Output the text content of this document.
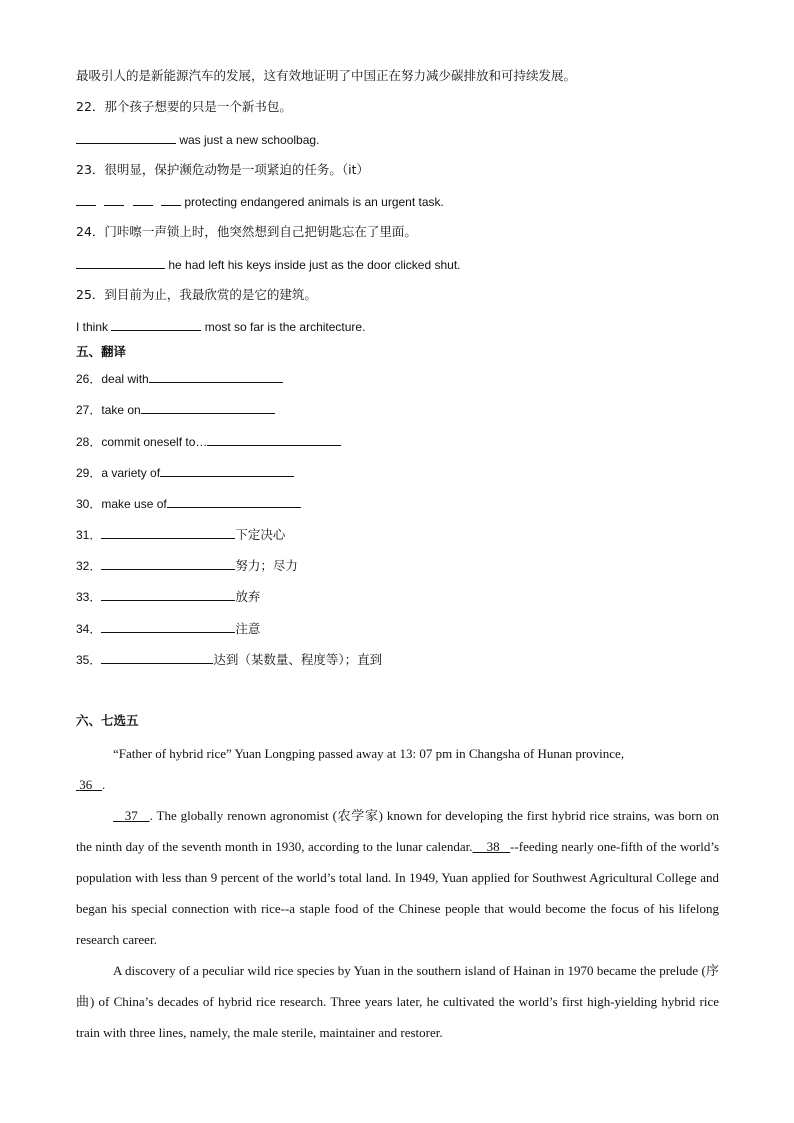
最吸引人的是新能源汽车的发展，这有效地证明了中国正在努力减少碳排放和可持续发展。
22．那个孩子想要的只是一个新书包。
was just a new schoolbag.
23．很明显，保护濒危动物是一项紧迫的任务。（it）
protecting endangered animals is an urgent task.
24．门咔嚓一声锁上时，他突然想到自己把钥匙忘在了里面。
he had left his keys inside just as the door clicked shut.
25．到目前为止，我最欣赏的是它的建筑。
I think	most so far is the architecture.
五、翻译
26．deal with
27．take on
28．commit oneself to…
29．a variety of
30．make use of
31．	下定决心
32．	努力；尽力
33．	放弃
34．	注意
35．	达到（某数量、程度等）；直到
六、七选五

“Father of hybrid rice” Yuan Longping passed away at 13: 07 pm in Changsha of Hunan province,
36 .

37 . The globally renown agronomist (农学家) known for developing the first hybrid rice strains, was born on the ninth day of the seventh month in 1930, according to the lunar calendar. 38 --feeding nearly one-fifth of the world’s population with less than 9 percent of the world’s total land. In 1949, Yuan applied for Southwest Agricultural College and began his special connection with rice--a staple food of the Chinese people that would become the focus of his lifelong research career.

A discovery of a peculiar wild rice species by Yuan in the southern island of Hainan in 1970 became the prelude (序曲) of China’s decades of hybrid rice research. Three years later, he cultivated the world’s first high-yielding hybrid rice train with three lines, namely, the male sterile, maintainer and restorer.
